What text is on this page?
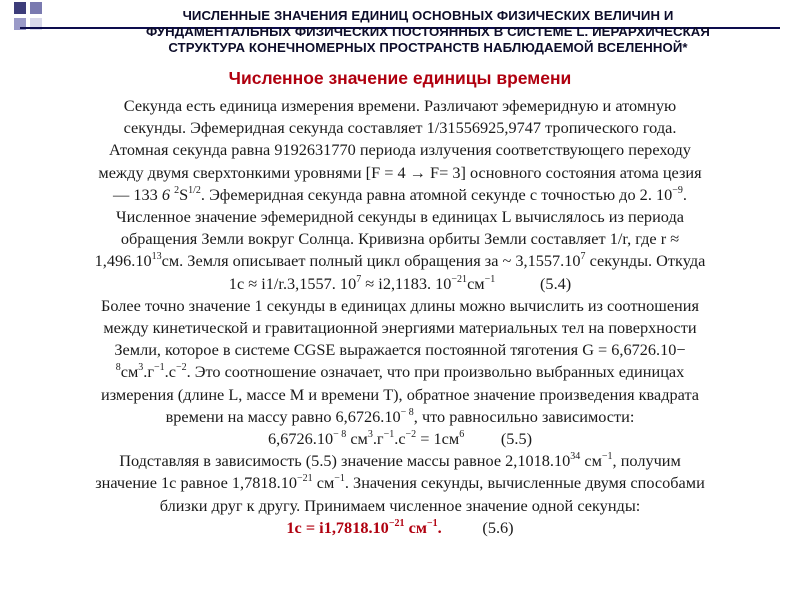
ЧИСЛЕННЫЕ ЗНАЧЕНИЯ ЕДИНИЦ ОСНОВНЫХ ФИЗИЧЕСКИХ ВЕЛИЧИН И
ФУНДАМЕНТАЛЬНЫХ ФИЗИЧЕСКИХ ПОСТОЯННЫХ В СИСТЕМЕ L. ИЕРАРХИЧЕСКАЯ
СТРУКТУРА КОНЕЧНОМЕРНЫХ ПРОСТРАНСТВ НАБЛЮДАЕМОЙ ВСЕЛЕННОЙ*
Численное значение единицы времени
Секунда есть единица измерения времени. Различают эфемеридную и атомную
секунды. Эфемеридная секунда составляет 1/31556925,9747 тропического года.
Атомная секунда равна 9192631770 периода излучения соответствующего переходу
между двумя сверхтонкими уровнями [F = 4 → F= 3] основного состояния атома цезия
— 133 6 $^2S^{1/2}$. Эфемеридная секунда равна атомной секунде с точностью до 2. $10^{-9}$.
Численное значение эфемеридной секунды в единицах L вычислялось из периода
обращения Земли вокруг Солнца. Кривизна орбиты Земли составляет 1/r, где r ≈
$1,496.10^{13}см$. Земля описывает полный цикл обращения за ~ 3,1557.10$^7$ секунды. Откуда
1с ≈ i1/r.3,1557. $10^7 \approx i2,1183$. $10^{-21}см^{-1}$           (5.4)
Более точно значение 1 секунды в единицах длины можно вычислить из соотношения
между кинетической и гравитационной энергиями материальных тел на поверхности
Земли, которое в системе CGSE выражается постоянной тяготения G = 6,6726.10−
$^8см^3.г^{-1}.с^{-2}$. Это соотношение означает, что при произвольно выбранных единицах
измерения (длине L, массе M и времени T), обратное значение произведения квадрата
времени на массу равно $6,6726.10^{- 8}$, что равносильно зависимости:
$6,6726.10^{- 8}$ $см^3.г^{-1}.с^{-2} = 1см^6$         (5.5)
Подставляя в зависимость (5.5) значение массы равное 2,1018.10$^{34}$ $см^{-1}$, получим
значение 1с равное $1,7818.10^{-21}$ $см^{-1}$. Значения секунды, вычисленные двумя способами
близки друг к другу. Принимаем численное значение одной секунды:
$1с = i1,7818.10^{-21}$ $см^{-1}$.          (5.6)
